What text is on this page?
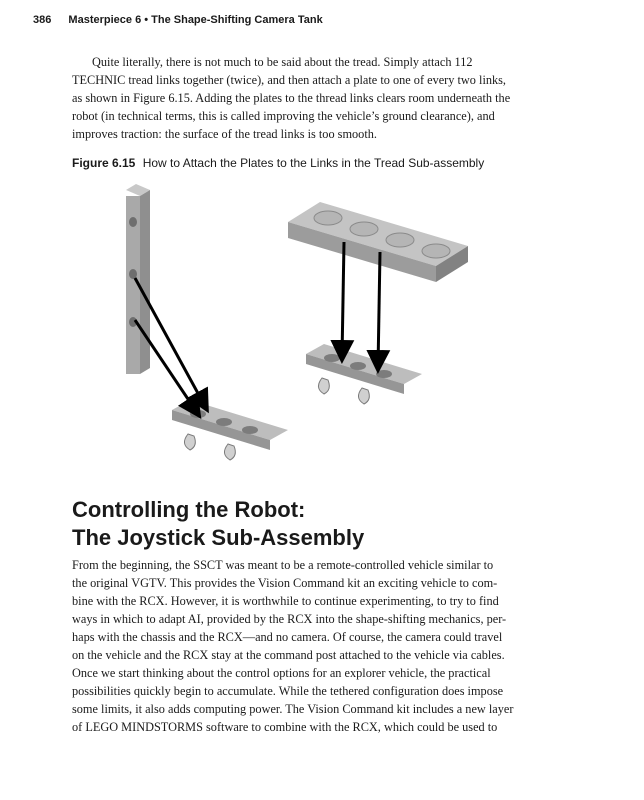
386 Masterpiece 6 • The Shape-Shifting Camera Tank

Quite literally, there is not much to be said about the tread. Simply attach 112
TECHNIC tread links together (twice), and then attach a plate to one of every two links,
as shown in Figure 6.15. Adding the plates to the thread links clears room underneath the
robot (in technical terms, this is called improving the vehicle’s ground clearance), and
improves traction: the surface of the tread links is too smooth.

Figure 6.15 How to Attach the Plates to the Links in the Tread Sub-assembly
Controlling the Robot:
The Joystick Sub-Assembly

From the beginning, the SSCT was meant to be a remote-controlled vehicle similar to
the original VGTV. This provides the Vision Command kit an exciting vehicle to com-
bine with the RCX. However, it is worthwhile to continue experimenting, to try to find
ways in which to adapt AI, provided by the RCX into the shape-shifting mechanics, per-
haps with the chassis and the RCX—and no camera. Of course, the camera could travel
on the vehicle and the RCX stay at the command post attached to the vehicle via cables.
Once we start thinking about the control options for an explorer vehicle, the practical
possibilities quickly begin to accumulate. While the tethered configuration does impose
some limits, it also adds computing power. The Vision Command kit includes a new layer
of LEGO MINDSTORMS software to combine with the RCX, which could be used to
